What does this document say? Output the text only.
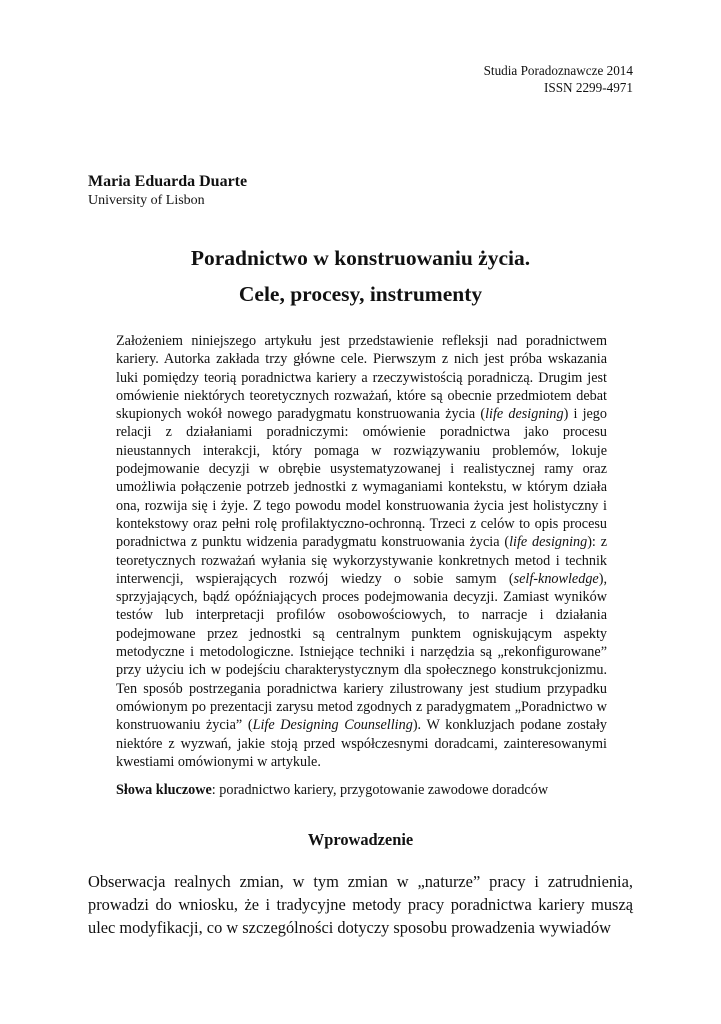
Studia Poradoznawcze 2014
ISSN 2299-4971
Maria Eduarda Duarte
University of Lisbon
Poradnictwo w konstruowaniu życia.
Cele, procesy, instrumenty

Założeniem niniejszego artykułu jest przedstawienie refleksji nad poradnictwem kariery. Autorka zakłada trzy główne cele. Pierwszym z nich jest próba wskazania luki pomiędzy teorią poradnictwa kariery a rzeczywistością poradniczą. Drugim jest omówienie niektórych teoretycznych rozważań, które są obecnie przedmiotem debat skupionych wokół nowego paradygmatu konstruowania życia (life designing) i jego relacji z działaniami poradniczymi: omówienie poradnictwa jako procesu nieustannych interakcji, który pomaga w rozwiązywaniu problemów, lokuje podejmowanie decyzji w obrębie usystematyzowanej i realistycznej ramy oraz umożliwia połączenie potrzeb jednostki z wymaganiami kontekstu, w którym działa ona, rozwija się i żyje. Z tego powodu model konstruowania życia jest holistyczny i kontekstowy oraz pełni rolę profilaktyczno-ochronną. Trzeci z celów to opis procesu poradnictwa z punktu widzenia paradygmatu konstruowania życia (life designing): z teoretycznych rozważań wyłania się wykorzystywanie konkretnych metod i technik interwencji, wspierających rozwój wiedzy o sobie samym (self-knowledge), sprzyjających, bądź opóźniających proces podejmowania decyzji. Zamiast wyników testów lub interpretacji profilów osobowościowych, to narracje i działania podejmowane przez jednostki są centralnym punktem ogniskującym aspekty metodyczne i metodologiczne. Istniejące techniki i narzędzia są „rekonfigurowane” przy użyciu ich w podejściu charakterystycznym dla społecznego konstrukcjonizmu. Ten sposób postrzegania poradnictwa kariery zilustrowany jest studium przypadku omówionym po prezentacji zarysu metod zgodnych z paradygmatem „Poradnictwo w konstruowaniu życia” (Life Designing Counselling). W konkluzjach podane zostały niektóre z wyzwań, jakie stoją przed współczesnymi doradcami, zainteresowanymi kwestiami omówionymi w artykule.

Słowa kluczowe: poradnictwo kariery, przygotowanie zawodowe doradców
Wprowadzenie

Obserwacja realnych zmian, w tym zmian w „naturze” pracy i zatrudnienia, prowadzi do wniosku, że i tradycyjne metody pracy poradnictwa kariery muszą ulec modyfikacji, co w szczególności dotyczy sposobu prowadzenia wywiadów
